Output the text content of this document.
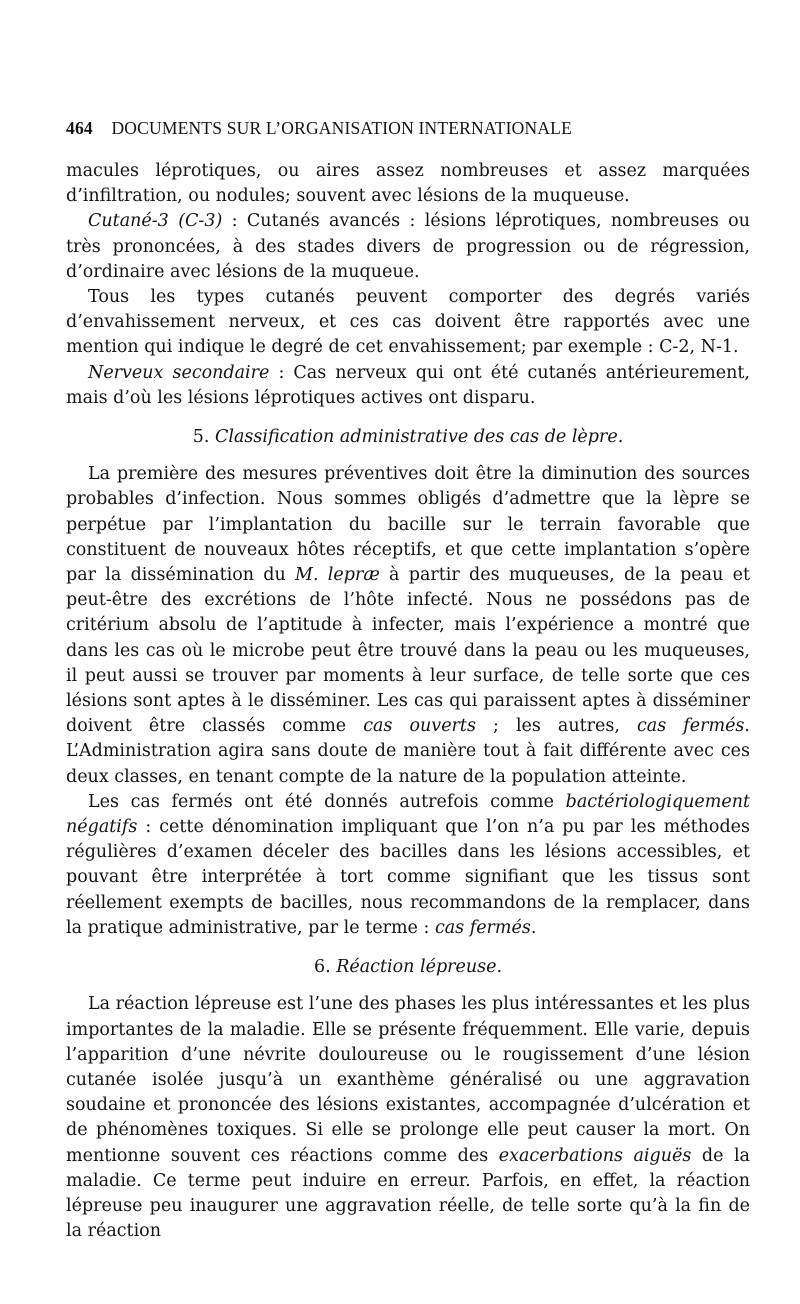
464 DOCUMENTS SUR L’ORGANISATION INTERNATIONALE

macules léprotiques, ou aires assez nombreuses et assez marquées d’infiltration, ou nodules; souvent avec lésions de la muqueuse.

Cutané-3 (C-3) : Cutanés avancés : lésions léprotiques, nombreuses ou très prononcées, à des stades divers de progression ou de régression, d’ordinaire avec lésions de la muqueue.

Tous les types cutanés peuvent comporter des degrés variés d’envahissement nerveux, et ces cas doivent être rapportés avec une mention qui indique le degré de cet envahissement; par exemple : C-2, N-1.

Nerveux secondaire : Cas nerveux qui ont été cutanés antérieurement, mais d’où les lésions léprotiques actives ont disparu.

5. Classification administrative des cas de lèpre.

La première des mesures préventives doit être la diminution des sources probables d’infection. Nous sommes obligés d’admettre que la lèpre se perpétue par l’implantation du bacille sur le terrain favorable que constituent de nouveaux hôtes réceptifs, et que cette implantation s’opère par la dissémination du M. lepræ à partir des muqueuses, de la peau et peut-être des excrétions de l’hôte infecté. Nous ne possédons pas de critérium absolu de l’aptitude à infecter, mais l’expérience a montré que dans les cas où le microbe peut être trouvé dans la peau ou les muqueuses, il peut aussi se trouver par moments à leur surface, de telle sorte que ces lésions sont aptes à le disséminer. Les cas qui paraissent aptes à disséminer doivent être classés comme cas ouverts ; les autres, cas fermés. L’Administration agira sans doute de manière tout à fait différente avec ces deux classes, en tenant compte de la nature de la population atteinte.

Les cas fermés ont été donnés autrefois comme bactériologiquement négatifs : cette dénomination impliquant que l’on n’a pu par les méthodes régulières d’examen déceler des bacilles dans les lésions accessibles, et pouvant être interprétée à tort comme signifiant que les tissus sont réellement exempts de bacilles, nous recommandons de la remplacer, dans la pratique administrative, par le terme : cas fermés.

6. Réaction lépreuse.

La réaction lépreuse est l’une des phases les plus intéressantes et les plus importantes de la maladie. Elle se présente fréquemment. Elle varie, depuis l’apparition d’une névrite douloureuse ou le rougissement d’une lésion cutanée isolée jusqu’à un exanthème généralisé ou une aggravation soudaine et prononcée des lésions existantes, accompagnée d’ulcération et de phénomènes toxiques. Si elle se prolonge elle peut causer la mort. On mentionne souvent ces réactions comme des exacerbations aiguës de la maladie. Ce terme peut induire en erreur. Parfois, en effet, la réaction lépreuse peu inaugurer une aggravation réelle, de telle sorte qu’à la fin de la réaction
